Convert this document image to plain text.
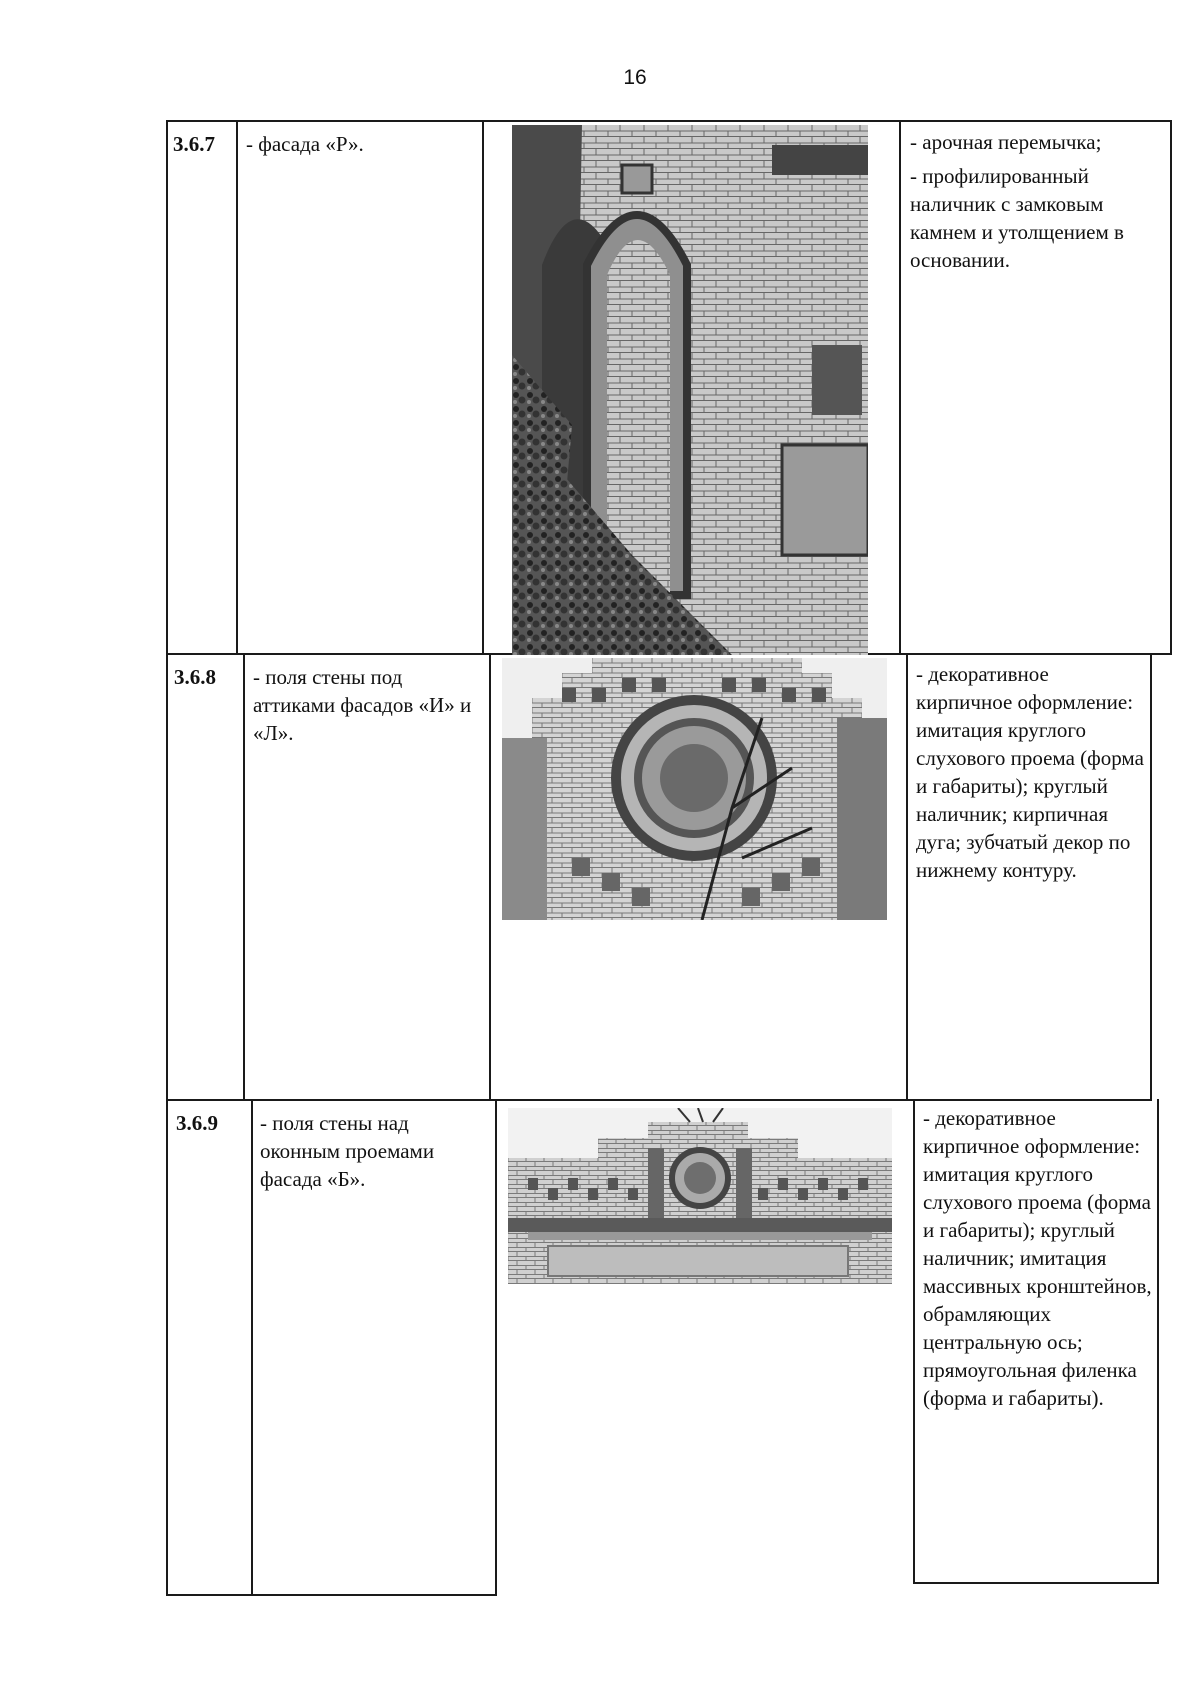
16
3.6.7 - фасада «Р».	- арочная перемычка;
- профилированный наличник с замковым камнем и утолщением в основании.
3.6.8 - поля стены под аттиками фасадов «И» и «Л».
- декоративное кирпичное оформление: имитация круглого слухового проема (форма и габариты); круглый наличник; кирпичная дуга; зубчатый декор по нижнему контуру.
3.6.9 - поля стены над оконным проемами фасада «Б».
- декоративное кирпичное оформление: имитация круглого слухового проема (форма и габариты); круглый наличник; имитация массивных кронштейнов, обрамляющих центральную ось; прямоугольная филенка (форма и габариты).
